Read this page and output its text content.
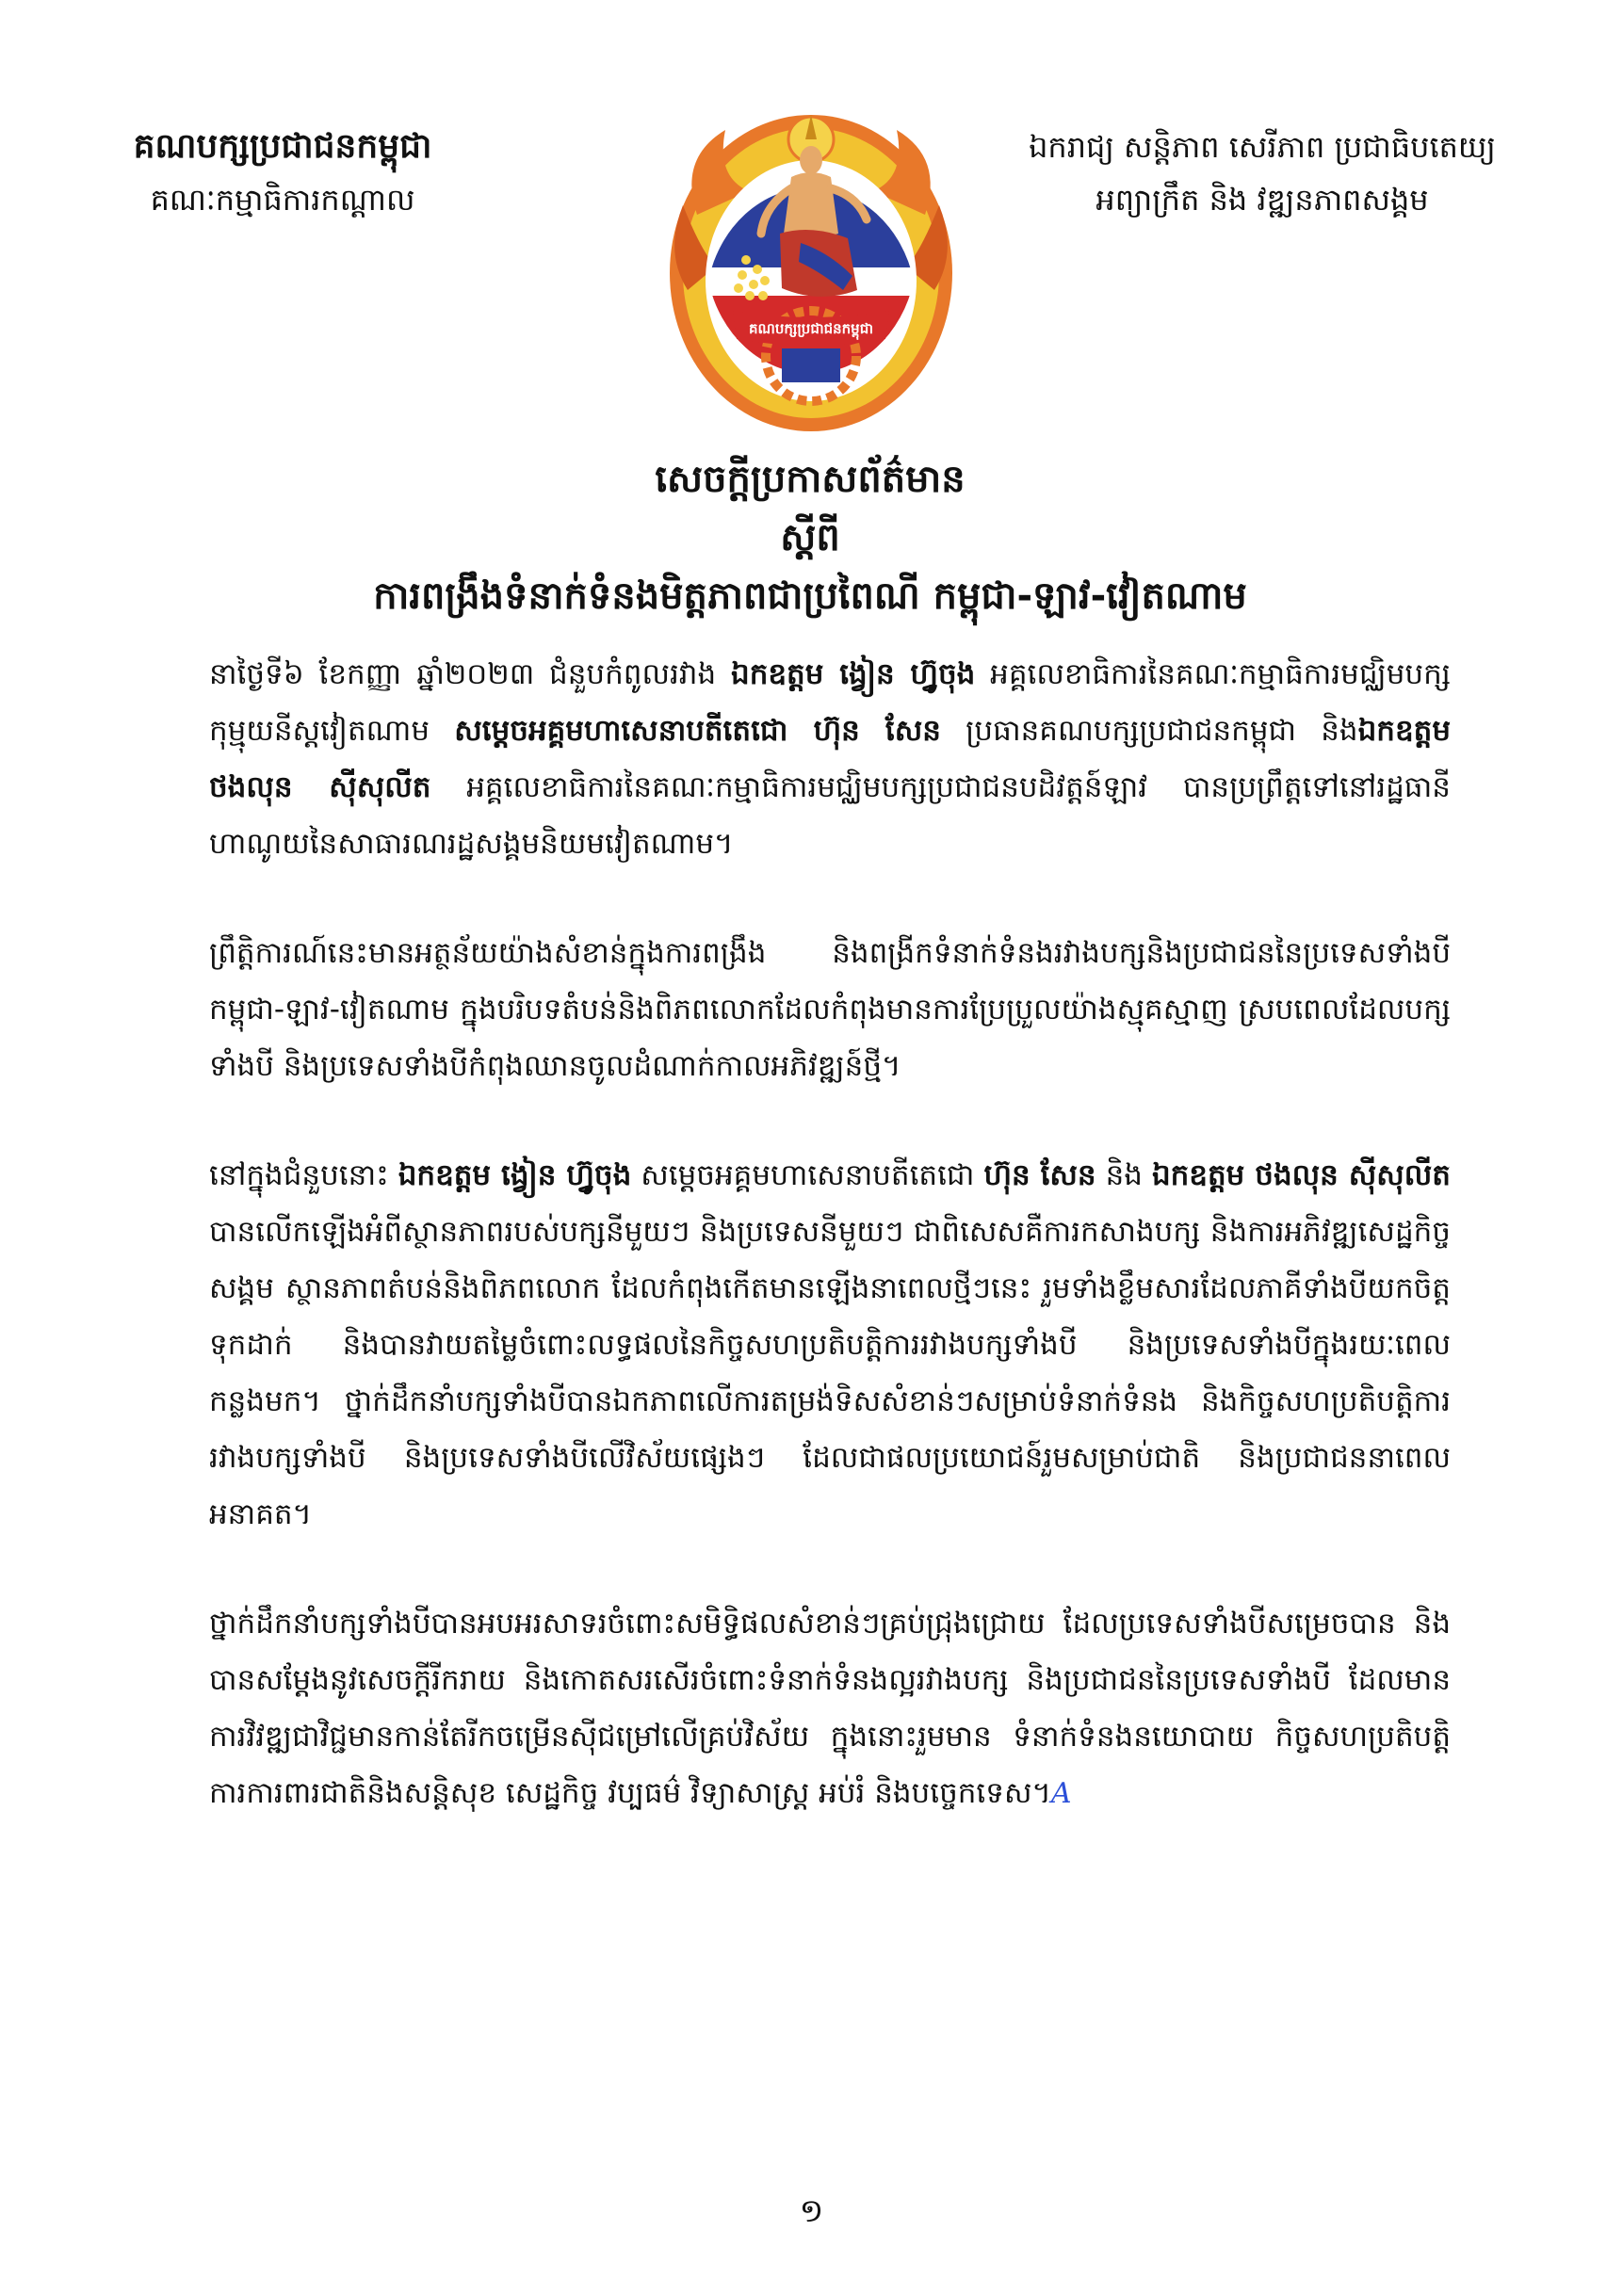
គណបក្សប្រជាជនកម្ពុជា
គណៈកម្មាធិការកណ្តាល
គណបក្សប្រជាជនកម្ពុជា
ឯករាជ្យ សន្តិភាព សេរីភាព ប្រជាធិបតេយ្យ
អព្យាក្រឹត និង វឌ្ឍនភាពសង្គម
សេចក្តីប្រកាសព័ត៌មាន
ស្តីពី
ការពង្រឹងទំនាក់ទំនងមិត្តភាពជាប្រពៃណី កម្ពុជា-ឡាវ-វៀតណាម

នាថ្ងៃទី៦ ខែកញ្ញា ឆ្នាំ២០២៣ ជំនួបកំពូលរវាង ឯកឧត្តម ង្វៀន ហ្វ៊ូចុង អគ្គលេខាធិការនៃគណៈកម្មាធិការមជ្ឈិមបក្សកុម្មុយនីស្តវៀតណាម សម្តេចអគ្គមហាសេនាបតីតេជោ ហ៊ុន សែន ប្រធានគណបក្សប្រជាជនកម្ពុជា និងឯកឧត្តម ថងលុន ស៊ីសុលីត អគ្គលេខាធិការនៃគណៈកម្មាធិការមជ្ឈិមបក្សប្រជាជនបដិវត្តន៍ឡាវ បានប្រព្រឹត្តទៅនៅរដ្ឋធានីហាណូយនៃសាធារណរដ្ឋសង្គមនិយមវៀតណាម។

ព្រឹត្តិការណ៍នេះមានអត្ថន័យយ៉ាងសំខាន់ក្នុងការពង្រឹង និងពង្រីកទំនាក់ទំនងរវាងបក្សនិងប្រជាជននៃប្រទេសទាំងបី កម្ពុជា-ឡាវ-វៀតណាម ក្នុងបរិបទតំបន់និងពិភពលោកដែលកំពុងមានការប្រែប្រួលយ៉ាងស្មុគស្មាញ ស្របពេលដែលបក្សទាំងបី និងប្រទេសទាំងបីកំពុងឈានចូលដំណាក់កាលអភិវឌ្ឍន៍ថ្មី។

នៅក្នុងជំនួបនោះ ឯកឧត្តម ង្វៀន ហ្វ៊ូចុង សម្តេចអគ្គមហាសេនាបតីតេជោ ហ៊ុន សែន និង ឯកឧត្តម ថងលុន ស៊ីសុលីត បានលើកឡើងអំពីស្ថានភាពរបស់បក្សនីមួយៗ និងប្រទេសនីមួយៗ ជាពិសេសគឺការកសាងបក្ស និងការអភិវឌ្ឍសេដ្ឋកិច្ចសង្គម ស្ថានភាពតំបន់និងពិភពលោក ដែលកំពុងកើតមានឡើងនាពេលថ្មីៗនេះ រួមទាំងខ្លឹមសារដែលភាគីទាំងបីយកចិត្តទុកដាក់ និងបានវាយតម្លៃចំពោះលទ្ធផលនៃកិច្ចសហប្រតិបត្តិការរវាងបក្សទាំងបី និងប្រទេសទាំងបីក្នុងរយៈពេលកន្លងមក។ ថ្នាក់ដឹកនាំបក្សទាំងបីបានឯកភាពលើការតម្រង់ទិសសំខាន់ៗសម្រាប់ទំនាក់ទំនង និងកិច្ចសហប្រតិបត្តិការរវាងបក្សទាំងបី និងប្រទេសទាំងបីលើវិស័យផ្សេងៗ ដែលជាផលប្រយោជន៍រួមសម្រាប់ជាតិ និងប្រជាជននាពេលអនាគត។

ថ្នាក់ដឹកនាំបក្សទាំងបីបានអបអរសាទរចំពោះសមិទ្ធិផលសំខាន់ៗគ្រប់ជ្រុងជ្រោយ ដែលប្រទេសទាំងបីសម្រេចបាន និងបានសម្តែងនូវសេចក្តីរីករាយ និងកោតសរសើរចំពោះទំនាក់ទំនងល្អរវាងបក្ស និងប្រជាជននៃប្រទេសទាំងបី ដែលមានការវិវឌ្ឍជាវិជ្ជមានកាន់តែរីកចម្រើនស៊ីជម្រៅលើគ្រប់វិស័យ ក្នុងនោះរួមមាន ទំនាក់ទំនងនយោបាយ កិច្ចសហប្រតិបត្តិការការពារជាតិនិងសន្តិសុខ សេដ្ឋកិច្ច វប្បធម៌ វិទ្យាសាស្ត្រ អប់រំ និងបច្ចេកទេស។A

១
